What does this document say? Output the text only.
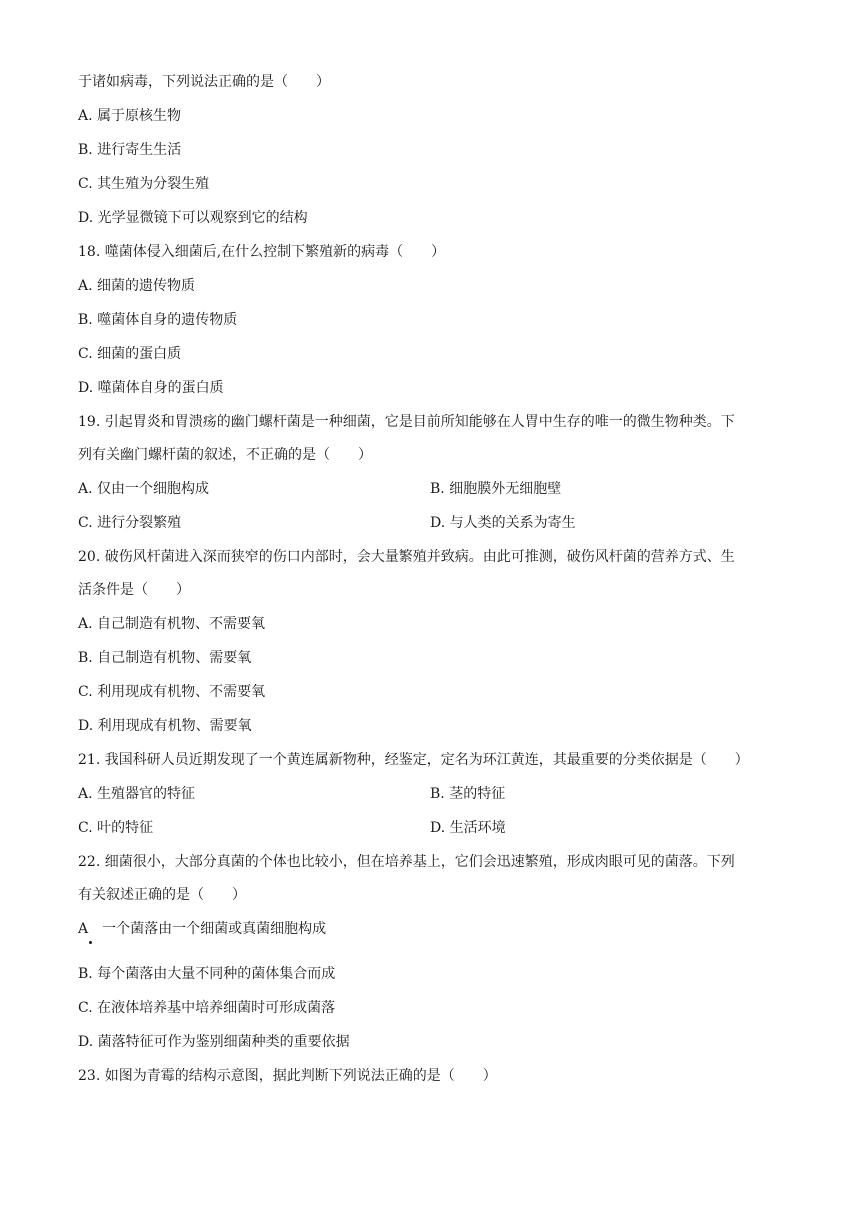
于诸如病毒，下列说法正确的是（　　）
A. 属于原核生物
B. 进行寄生生活
C. 其生殖为分裂生殖
D. 光学显微镜下可以观察到它的结构
18. 噬菌体侵入细菌后,在什么控制下繁殖新的病毒（　　）
A. 细菌的遗传物质
B. 噬菌体自身的遗传物质
C. 细菌的蛋白质
D. 噬菌体自身的蛋白质
19. 引起胃炎和胃溃疡的幽门螺杆菌是一种细菌，它是目前所知能够在人胃中生存的唯一的微生物种类。下
列有关幽门螺杆菌的叙述，不正确的是（　　）
A. 仅由一个细胞构成	B. 细胞膜外无细胞壁
C. 进行分裂繁殖	D. 与人类的关系为寄生
20. 破伤风杆菌进入深而狭窄的伤口内部时，会大量繁殖并致病。由此可推测，破伤风杆菌的营养方式、生
活条件是（　　）
A. 自己制造有机物、不需要氧
B. 自己制造有机物、需要氧
C. 利用现成有机物、不需要氧
D. 利用现成有机物、需要氧
21. 我国科研人员近期发现了一个黄连属新物种，经鉴定，定名为环江黄连，其最重要的分类依据是（　　）
A. 生殖器官的特征	B. 茎的特征
C. 叶的特征	D. 生活环境
22. 细菌很小，大部分真菌的个体也比较小，但在培养基上，它们会迅速繁殖，形成肉眼可见的菌落。下列
有关叙述正确的是（　　）
A　一个菌落由一个细菌或真菌细胞构成
B. 每个菌落由大量不同种的菌体集合而成
C. 在液体培养基中培养细菌时可形成菌落
D. 菌落特征可作为鉴别细菌种类的重要依据
23. 如图为青霉的结构示意图，据此判断下列说法正确的是（　　）
